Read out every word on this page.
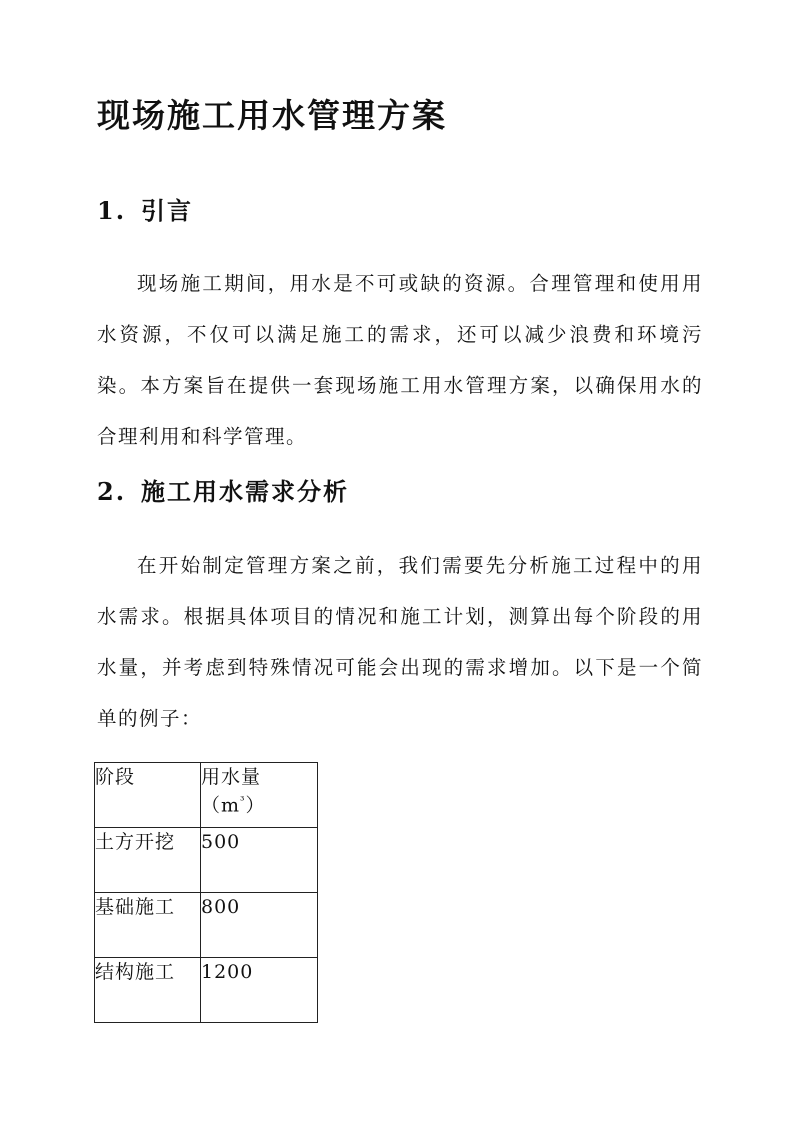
现场施工用水管理方案
1. 引言

现场施工期间，用水是不可或缺的资源。合理管理和使用用水资源，不仅可以满足施工的需求，还可以减少浪费和环境污染。本方案旨在提供一套现场施工用水管理方案，以确保用水的合理利用和科学管理。

2. 施工用水需求分析

在开始制定管理方案之前，我们需要先分析施工过程中的用水需求。根据具体项目的情况和施工计划，测算出每个阶段的用水量，并考虑到特殊情况可能会出现的需求增加。以下是一个简单的例子：

阶段	用水量$(m^{^3})$
土方开挖	500
基础施工	800
结构施工	1200
